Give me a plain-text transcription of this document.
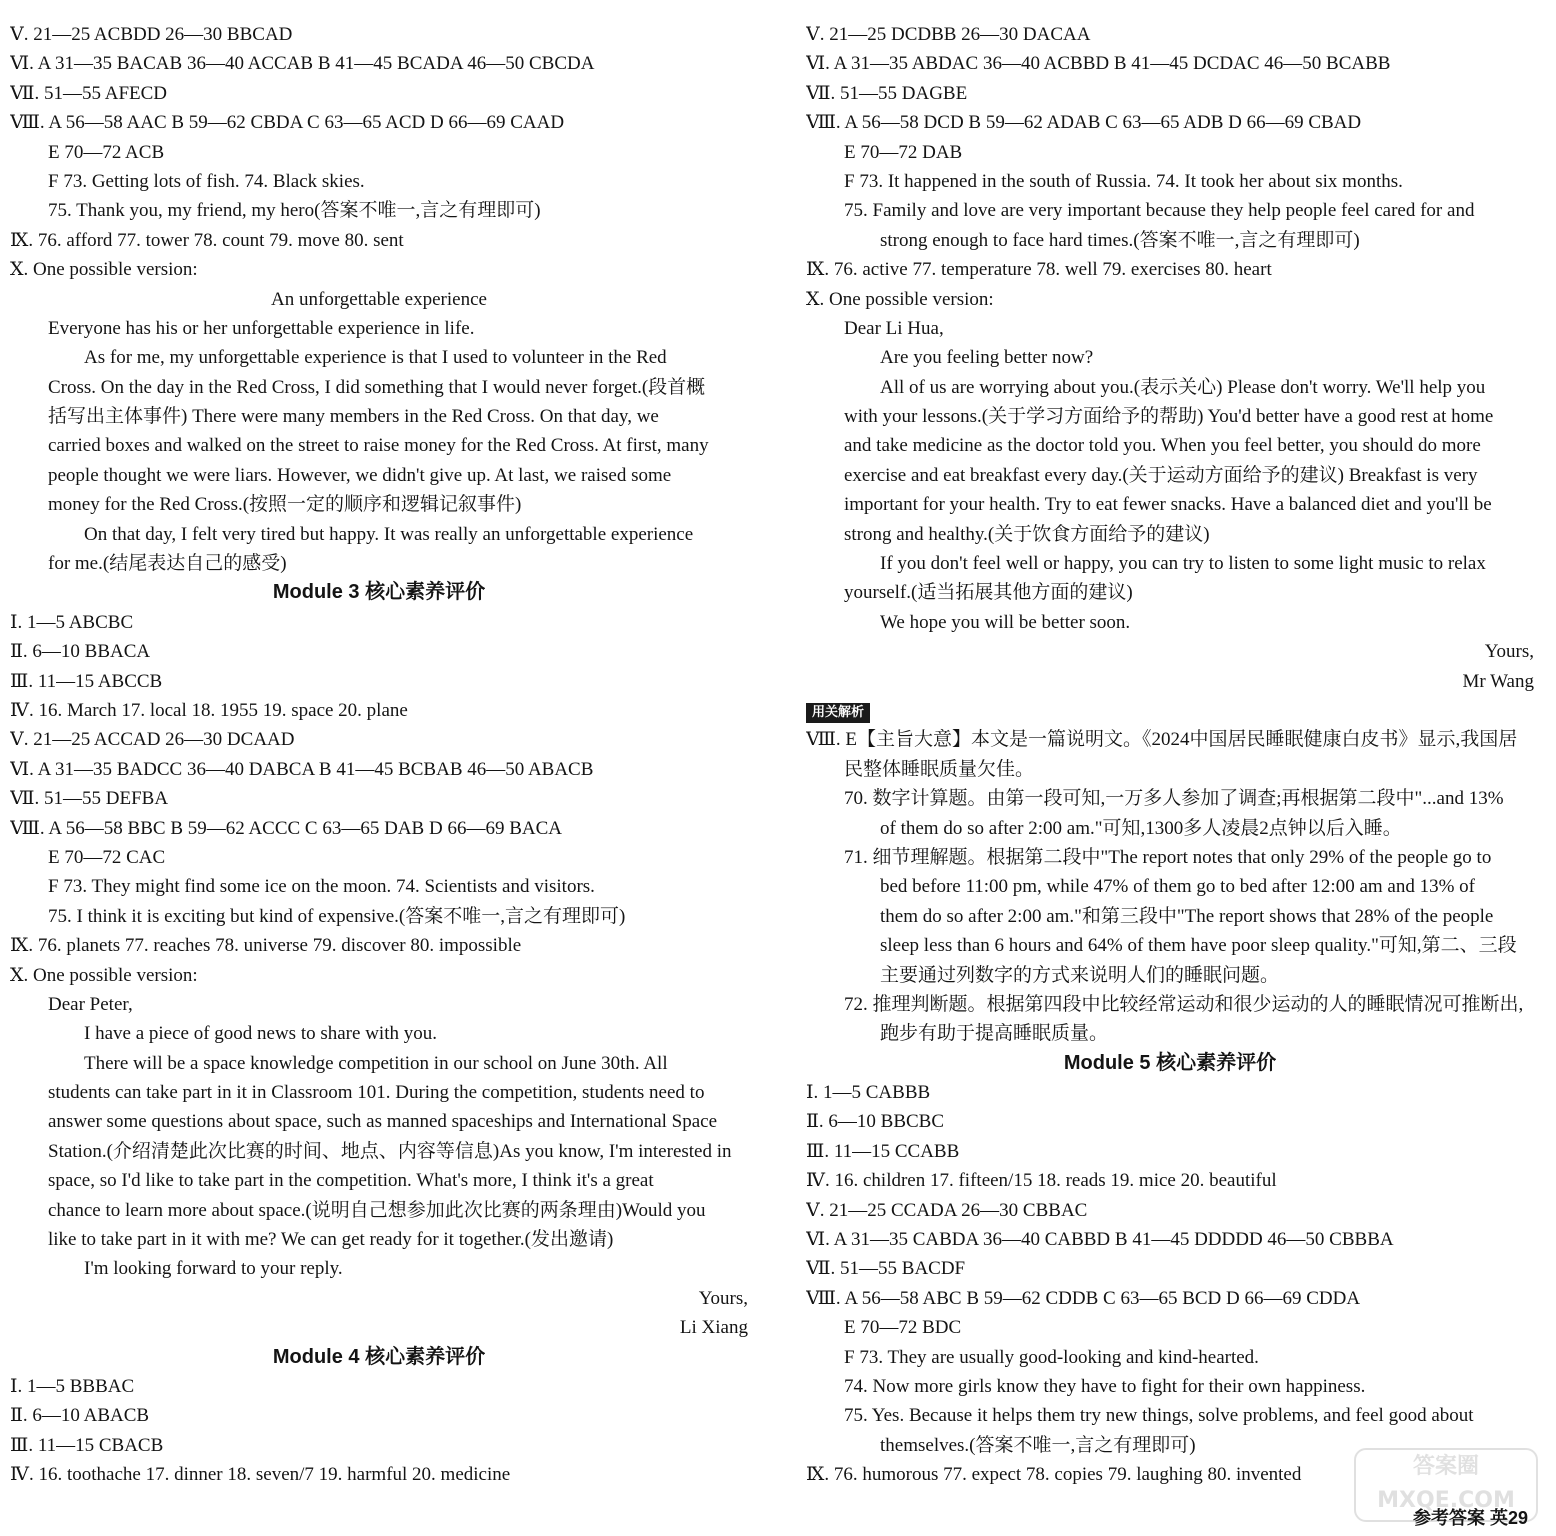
Ⅴ. 21—25 ACBDD 26—30 BBCAD
Ⅵ. A 31—35 BACAB 36—40 ACCAB B 41—45 BCADA 46—50 CBCDA
Ⅶ. 51—55 AFECD
Ⅷ. A 56—58 AAC B 59—62 CBDA C 63—65 ACD D 66—69 CAAD
E 70—72 ACB
F 73. Getting lots of fish. 74. Black skies.
75. Thank you, my friend, my hero(答案不唯一,言之有理即可)
Ⅸ. 76. afford 77. tower 78. count 79. move 80. sent
Ⅹ. One possible version:
An unforgettable experience
Everyone has his or her unforgettable experience in life.
As for me, my unforgettable experience is that I used to volunteer in the Red
Cross. On the day in the Red Cross, I did something that I would never forget.(段首概
括写出主体事件) There were many members in the Red Cross. On that day, we
carried boxes and walked on the street to raise money for the Red Cross. At first, many
people thought we were liars. However, we didn't give up. At last, we raised some
money for the Red Cross.(按照一定的顺序和逻辑记叙事件)
On that day, I felt very tired but happy. It was really an unforgettable experience
for me.(结尾表达自己的感受)
Module 3 核心素养评价
Ⅰ. 1—5 ABCBC
Ⅱ. 6—10 BBACA
Ⅲ. 11—15 ABCCB
Ⅳ. 16. March 17. local 18. 1955 19. space 20. plane
Ⅴ. 21—25 ACCAD 26—30 DCAAD
Ⅵ. A 31—35 BADCC 36—40 DABCA B 41—45 BCBAB 46—50 ABACB
Ⅶ. 51—55 DEFBA
Ⅷ. A 56—58 BBC B 59—62 ACCC C 63—65 DAB D 66—69 BACA
E 70—72 CAC
F 73. They might find some ice on the moon. 74. Scientists and visitors.
75. I think it is exciting but kind of expensive.(答案不唯一,言之有理即可)
Ⅸ. 76. planets 77. reaches 78. universe 79. discover 80. impossible
Ⅹ. One possible version:
Dear Peter,
I have a piece of good news to share with you.
There will be a space knowledge competition in our school on June 30th. All
students can take part in it in Classroom 101. During the competition, students need to
answer some questions about space, such as manned spaceships and International Space
Station.(介绍清楚此次比赛的时间、地点、内容等信息)As you know, I'm interested in
space, so I'd like to take part in the competition. What's more, I think it's a great
chance to learn more about space.(说明自己想参加此次比赛的两条理由)Would you
like to take part in it with me? We can get ready for it together.(发出邀请)
I'm looking forward to your reply.
Yours,
Li Xiang
Module 4 核心素养评价
Ⅰ. 1—5 BBBAC
Ⅱ. 6—10 ABACB
Ⅲ. 11—15 CBACB
Ⅳ. 16. toothache 17. dinner 18. seven/7 19. harmful 20. medicine
Ⅴ. 21—25 DCDBB 26—30 DACAA
Ⅵ. A 31—35 ABDAC 36—40 ACBBD B 41—45 DCDAC 46—50 BCABB
Ⅶ. 51—55 DAGBE
Ⅷ. A 56—58 DCD B 59—62 ADAB C 63—65 ADB D 66—69 CBAD
E 70—72 DAB
F 73. It happened in the south of Russia. 74. It took her about six months.
75. Family and love are very important because they help people feel cared for and
strong enough to face hard times.(答案不唯一,言之有理即可)
Ⅸ. 76. active 77. temperature 78. well 79. exercises 80. heart
Ⅹ. One possible version:
Dear Li Hua,
Are you feeling better now?
All of us are worrying about you.(表示关心) Please don't worry. We'll help you
with your lessons.(关于学习方面给予的帮助) You'd better have a good rest at home
and take medicine as the doctor told you. When you feel better, you should do more
exercise and eat breakfast every day.(关于运动方面给予的建议) Breakfast is very
important for your health. Try to eat fewer snacks. Have a balanced diet and you'll be
strong and healthy.(关于饮食方面给予的建议)
If you don't feel well or happy, you can try to listen to some light music to relax
yourself.(适当拓展其他方面的建议)
We hope you will be better soon.
Yours,
Mr Wang
用关解析
Ⅷ. E【主旨大意】本文是一篇说明文。《2024中国居民睡眠健康白皮书》显示,我国居
民整体睡眠质量欠佳。
70. 数字计算题。由第一段可知,一万多人参加了调查;再根据第二段中"...and 13%
of them do so after 2:00 am."可知,1300多人凌晨2点钟以后入睡。
71. 细节理解题。根据第二段中"The report notes that only 29% of the people go to
bed before 11:00 pm, while 47% of them go to bed after 12:00 am and 13% of
them do so after 2:00 am."和第三段中"The report shows that 28% of the people
sleep less than 6 hours and 64% of them have poor sleep quality."可知,第二、三段
主要通过列数字的方式来说明人们的睡眠问题。
72. 推理判断题。根据第四段中比较经常运动和很少运动的人的睡眠情况可推断出,
跑步有助于提高睡眠质量。
Module 5 核心素养评价
Ⅰ. 1—5 CABBB
Ⅱ. 6—10 BBCBC
Ⅲ. 11—15 CCABB
Ⅳ. 16. children 17. fifteen/15 18. reads 19. mice 20. beautiful
Ⅴ. 21—25 CCADA 26—30 CBBAC
Ⅵ. A 31—35 CABDA 36—40 CABBD B 41—45 DDDDD 46—50 CBBBA
Ⅶ. 51—55 BACDF
Ⅷ. A 56—58 ABC B 59—62 CDDB C 63—65 BCD D 66—69 CDDA
E 70—72 BDC
F 73. They are usually good-looking and kind-hearted.
74. Now more girls know they have to fight for their own happiness.
75. Yes. Because it helps them try new things, solve problems, and feel good about
themselves.(答案不唯一,言之有理即可)
Ⅸ. 76. humorous 77. expect 78. copies 79. laughing 80. invented	答案圈 MXQE.COM
参考答案 英29
